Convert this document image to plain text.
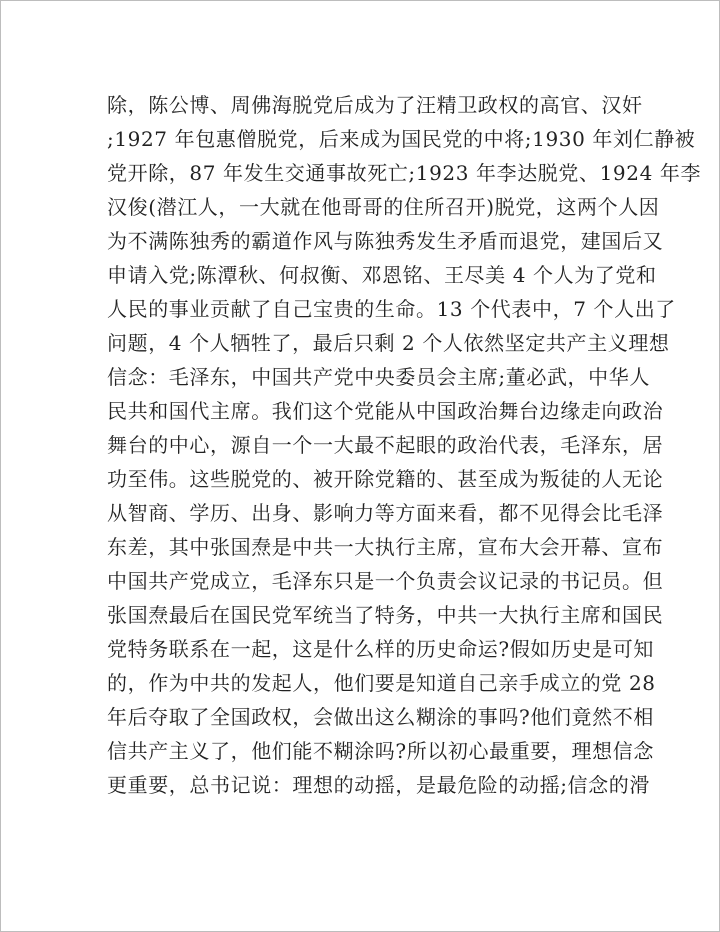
除，陈公博、周佛海脱党后成为了汪精卫政权的高官、汉奸
;1927 年包惠僧脱党，后来成为国民党的中将;1930 年刘仁静被
党开除，87 年发生交通事故死亡;1923 年李达脱党、1924 年李
汉俊(潜江人，一大就在他哥哥的住所召开)脱党，这两个人因
为不满陈独秀的霸道作风与陈独秀发生矛盾而退党，建国后又
申请入党;陈潭秋、何叔衡、邓恩铭、王尽美 4 个人为了党和
人民的事业贡献了自己宝贵的生命。13 个代表中，7 个人出了
问题，4 个人牺牲了，最后只剩 2 个人依然坚定共产主义理想
信念：毛泽东，中国共产党中央委员会主席;董必武，中华人
民共和国代主席。我们这个党能从中国政治舞台边缘走向政治
舞台的中心，源自一个一大最不起眼的政治代表，毛泽东，居
功至伟。这些脱党的、被开除党籍的、甚至成为叛徒的人无论
从智商、学历、出身、影响力等方面来看，都不见得会比毛泽
东差，其中张国焘是中共一大执行主席，宣布大会开幕、宣布
中国共产党成立，毛泽东只是一个负责会议记录的书记员。但
张国焘最后在国民党军统当了特务，中共一大执行主席和国民
党特务联系在一起，这是什么样的历史命运?假如历史是可知
的，作为中共的发起人，他们要是知道自己亲手成立的党 28
年后夺取了全国政权，会做出这么糊涂的事吗?他们竟然不相
信共产主义了，他们能不糊涂吗?所以初心最重要，理想信念
更重要，总书记说：理想的动摇，是最危险的动摇;信念的滑
